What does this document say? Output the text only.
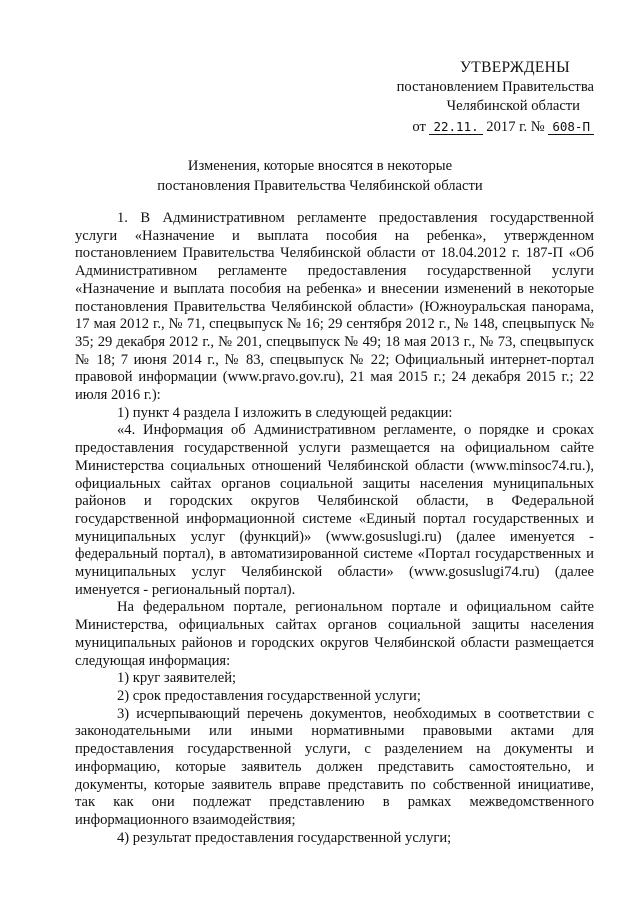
УТВЕРЖДЕНЫ
постановлением Правительства
Челябинской области
от 22.11. 2017 г. № 608-П
Изменения, которые вносятся в некоторые
постановления Правительства Челябинской области

1. В Административном регламенте предоставления государственной услуги «Назначение и выплата пособия на ребенка», утвержденном постановлением Правительства Челябинской области от 18.04.2012 г. 187-П «Об Административном регламенте предоставления государственной услуги «Назначение и выплата пособия на ребенка» и внесении изменений в некоторые постановления Правительства Челябинской области» (Южноуральская панорама, 17 мая 2012 г., № 71, спецвыпуск № 16; 29 сентября 2012 г., № 148, спецвыпуск № 35; 29 декабря 2012 г., № 201, спецвыпуск № 49; 18 мая 2013 г., № 73, спецвыпуск № 18; 7 июня 2014 г., № 83, спецвыпуск № 22; Официальный интернет-портал правовой информации (www.pravo.gov.ru), 21 мая 2015 г.; 24 декабря 2015 г.; 22 июля 2016 г.):

1) пункт 4 раздела I изложить в следующей редакции:

«4. Информация об Административном регламенте, о порядке и сроках предоставления государственной услуги размещается на официальном сайте Министерства социальных отношений Челябинской области (www.minsoc74.ru.), официальных сайтах органов социальной защиты населения муниципальных районов и городских округов Челябинской области, в Федеральной государственной информационной системе «Единый портал государственных и муниципальных услуг (функций)» (www.gosuslugi.ru) (далее именуется - федеральный портал), в автоматизированной системе «Портал государственных и муниципальных услуг Челябинской области» (www.gosuslugi74.ru) (далее именуется - региональный портал).

На федеральном портале, региональном портале и официальном сайте Министерства, официальных сайтах органов социальной защиты населения муниципальных районов и городских округов Челябинской области размещается следующая информация:

1) круг заявителей;

2) срок предоставления государственной услуги;

3) исчерпывающий перечень документов, необходимых в соответствии с законодательными или иными нормативными правовыми актами для предоставления государственной услуги, с разделением на документы и информацию, которые заявитель должен представить самостоятельно, и документы, которые заявитель вправе представить по собственной инициативе, так как они подлежат представлению в рамках межведомственного информационного взаимодействия;

4) результат предоставления государственной услуги;
